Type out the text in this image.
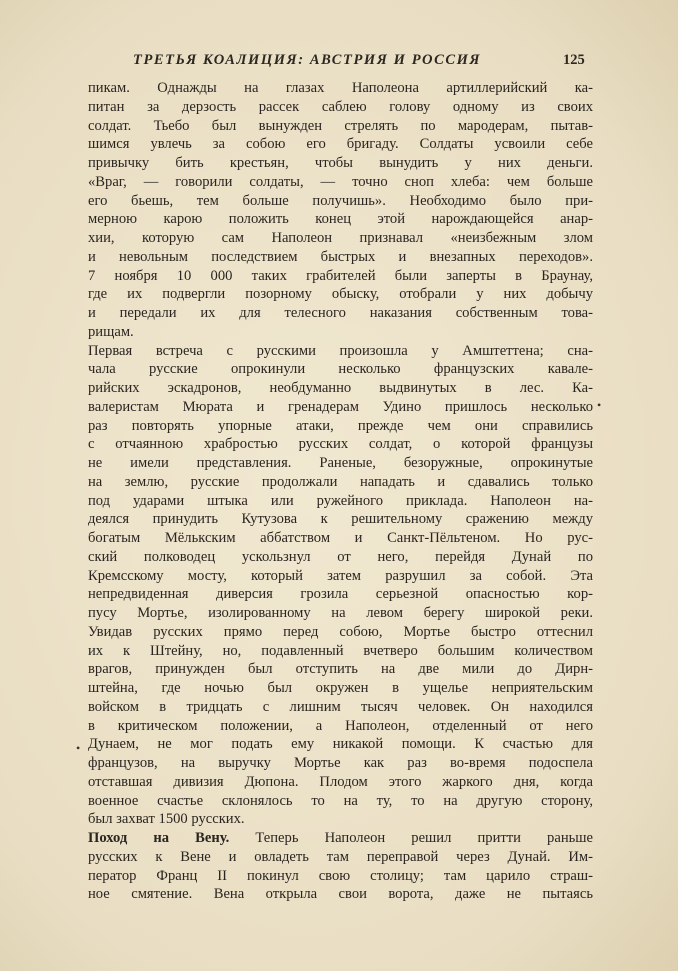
ТРЕТЬЯ КОАЛИЦИЯ: АВСТРИЯ И РОССИЯ	125
пикам. Однажды на глазах Наполеона артиллерийский ка-
питан за дерзость рассек саблею голову одному из своих
солдат. Тьебо был вынужден стрелять по мародерам, пытав-
шимся увлечь за собою его бригаду. Солдаты усвоили себе
привычку бить крестьян, чтобы вынудить у них деньги.
«Враг, — говорили солдаты, — точно сноп хлеба: чем больше
его бьешь, тем больше получишь». Необходимо было при-
мерною карою положить конец этой нарождающейся анар-
хии, которую сам Наполеон признавал «неизбежным злом
и невольным последствием быстрых и внезапных переходов».
7 ноября 10 000 таких грабителей были заперты в Браунау,
где их подвергли позорному обыску, отобрали у них добычу
и передали их для телесного наказания собственным това-
рищам.
Первая встреча с русскими произошла у Амштеттена; сна-
чала русские опрокинули несколько французских кавале-
рийских эскадронов, необдуманно выдвинутых в лес. Ка-
валеристам Мюрата и гренадерам Удино пришлось несколько
раз повторять упорные атаки, прежде чем они справились
с отчаянною храбростью русских солдат, о которой французы
не имели представления. Раненые, безоружные, опрокинутые
на землю, русские продолжали нападать и сдавались только
под ударами штыка или ружейного приклада. Наполеон на-
деялся принудить Кутузова к решительному сражению между
богатым Мёлькским аббатством и Санкт-Пёльтеном. Но рус-
ский полководец ускользнул от него, перейдя Дунай по
Кремсскому мосту, который затем разрушил за собой. Эта
непредвиденная диверсия грозила серьезной опасностью кор-
пусу Мортье, изолированному на левом берегу широкой реки.
Увидав русских прямо перед собою, Мортье быстро оттеснил
их к Штейну, но, подавленный вчетверо большим количеством
врагов, принужден был отступить на две мили до Дирн-
штейна, где ночью был окружен в ущелье неприятельским
войском в тридцать с лишним тысяч человек. Он находился
в критическом положении, а Наполеон, отделенный от него
Дунаем, не мог подать ему никакой помощи. К счастью для
французов, на выручку Мортье как раз во-время подоспела
отставшая дивизия Дюпона. Плодом этого жаркого дня, когда
военное счастье склонялось то на ту, то на другую сторону,
был захват 1500 русских.
Поход на Вену. Теперь Наполеон решил притти раньше
русских к Вене и овладеть там переправой через Дунай. Им-
ператор Франц II покинул свою столицу; там царило страш-
ное смятение. Вена открыла свои ворота, даже не пытаясь
•
•
